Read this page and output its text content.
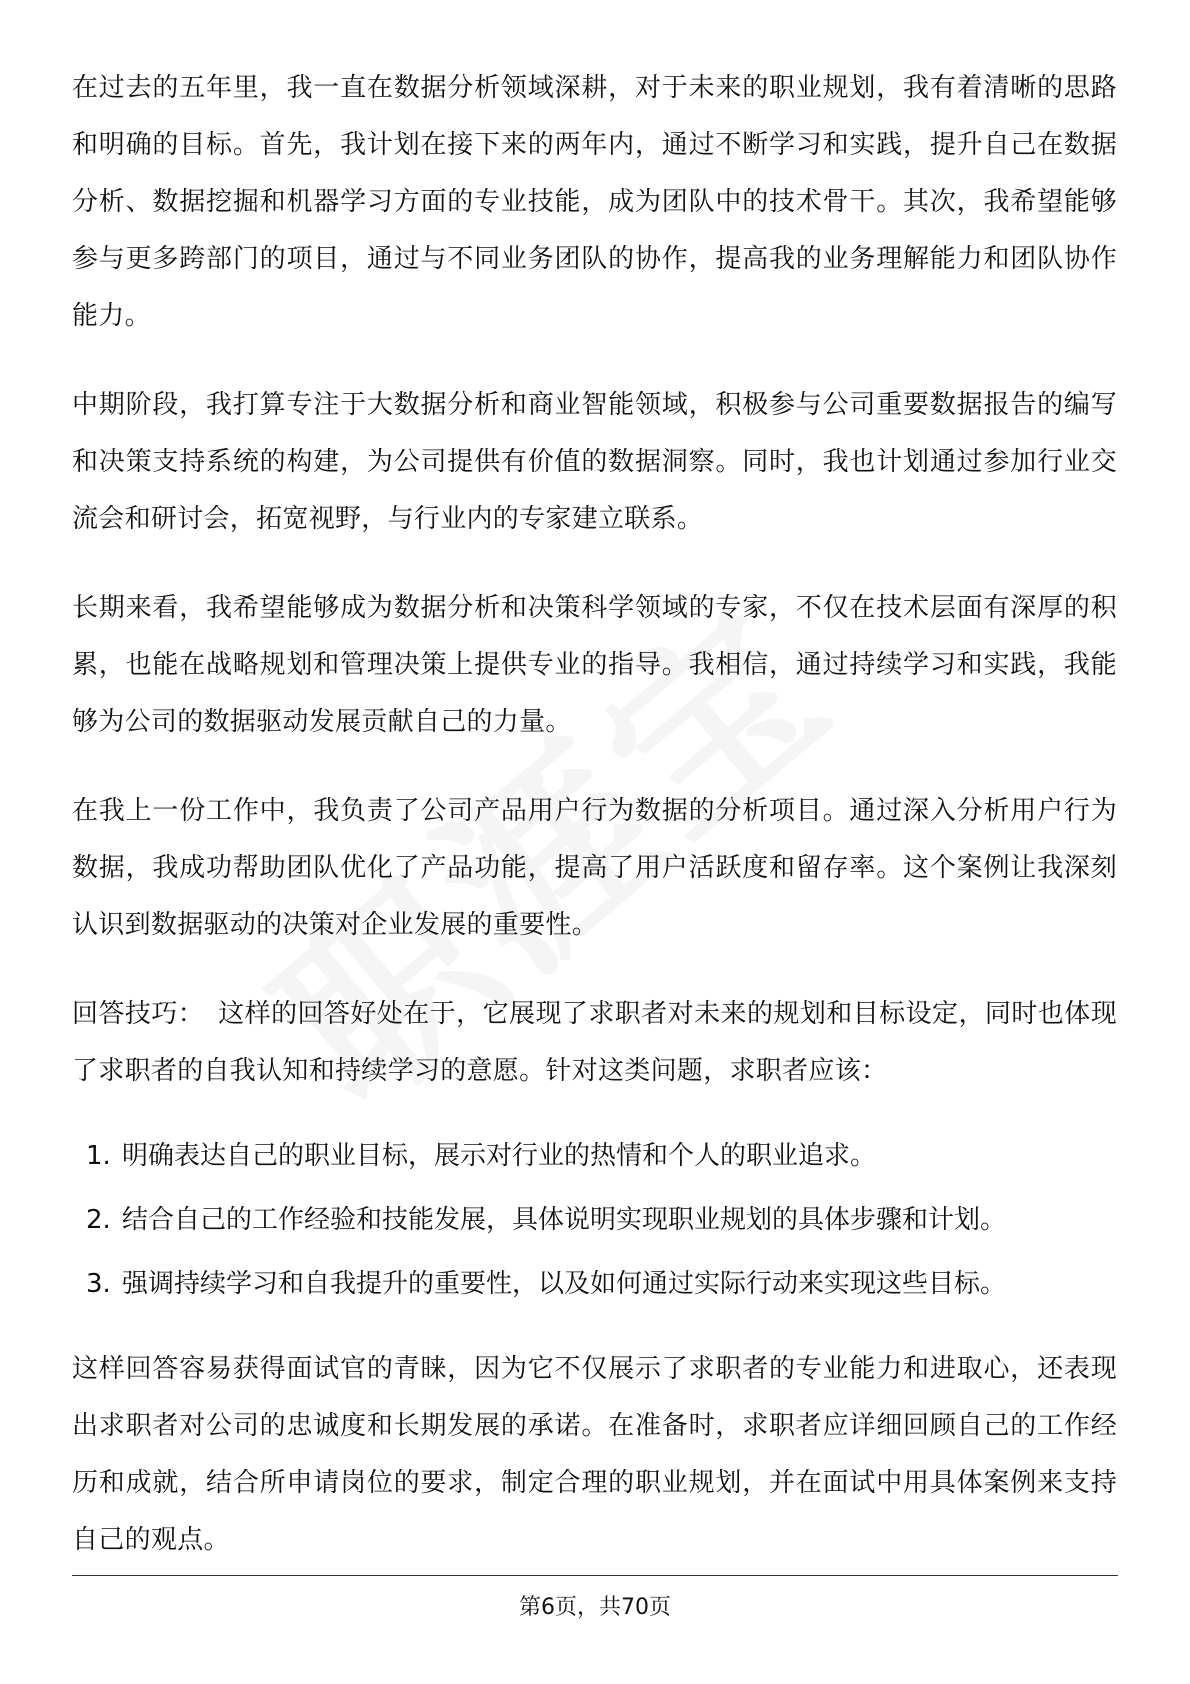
在过去的五年里，我一直在数据分析领域深耕，对于未来的职业规划，我有着清晰的思路和明确的目标。首先，我计划在接下来的两年内，通过不断学习和实践，提升自己在数据分析、数据挖掘和机器学习方面的专业技能，成为团队中的技术骨干。其次，我希望能够参与更多跨部门的项目，通过与不同业务团队的协作，提高我的业务理解能力和团队协作能力。

中期阶段，我打算专注于大数据分析和商业智能领域，积极参与公司重要数据报告的编写和决策支持系统的构建，为公司提供有价值的数据洞察。同时，我也计划通过参加行业交流会和研讨会，拓宽视野，与行业内的专家建立联系。

长期来看，我希望能够成为数据分析和决策科学领域的专家，不仅在技术层面有深厚的积累，也能在战略规划和管理决策上提供专业的指导。我相信，通过持续学习和实践，我能够为公司的数据驱动发展贡献自己的力量。

在我上一份工作中，我负责了公司产品用户行为数据的分析项目。通过深入分析用户行为数据，我成功帮助团队优化了产品功能，提高了用户活跃度和留存率。这个案例让我深刻认识到数据驱动的决策对企业发展的重要性。

回答技巧： 这样的回答好处在于，它展现了求职者对未来的规划和目标设定，同时也体现了求职者的自我认知和持续学习的意愿。针对这类问题，求职者应该：

1. 明确表达自己的职业目标，展示对行业的热情和个人的职业追求。
2. 结合自己的工作经验和技能发展，具体说明实现职业规划的具体步骤和计划。
3. 强调持续学习和自我提升的重要性，以及如何通过实际行动来实现这些目标。

这样回答容易获得面试官的青睐，因为它不仅展示了求职者的专业能力和进取心，还表现出求职者对公司的忠诚度和长期发展的承诺。在准备时，求职者应详细回顾自己的工作经历和成就，结合所申请岗位的要求，制定合理的职业规划，并在面试中用具体案例来支持自己的观点。

第6页，共70页
